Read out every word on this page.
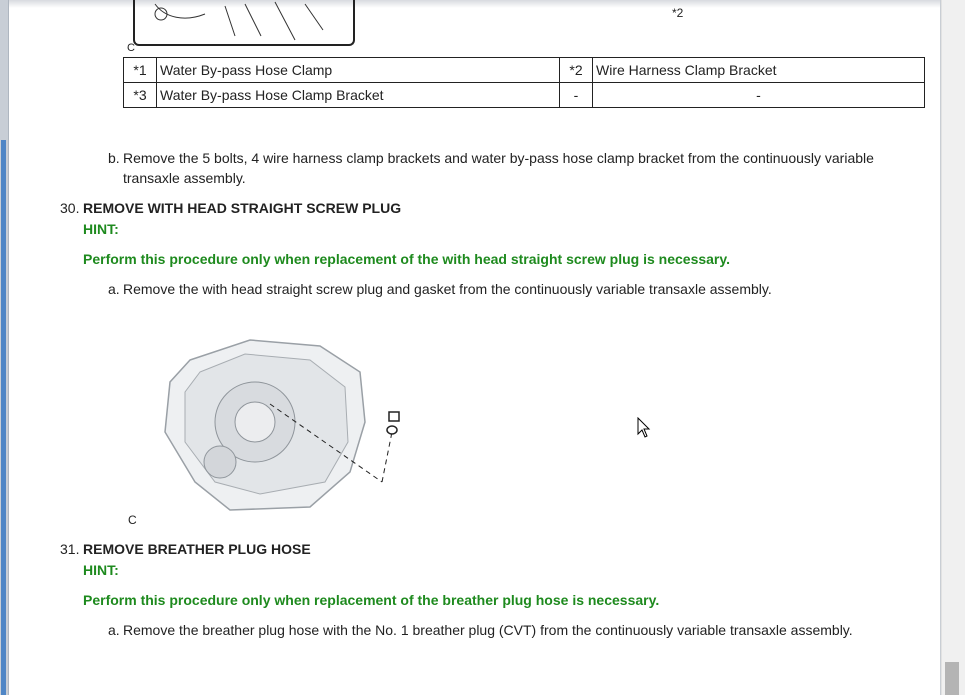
C
*2
*1	Water By-pass Hose Clamp	*2	Wire Harness Clamp Bracket
*3	Water By-pass Hose Clamp Bracket	-	-
b. Remove the 5 bolts, 4 wire harness clamp brackets and water by-pass hose clamp bracket from the continuously variable
transaxle assembly.
30. REMOVE WITH HEAD STRAIGHT SCREW PLUG
HINT:
Perform this procedure only when replacement of the with head straight screw plug is necessary.
a. Remove the with head straight screw plug and gasket from the continuously variable transaxle assembly.
C
31. REMOVE BREATHER PLUG HOSE
HINT:
Perform this procedure only when replacement of the breather plug hose is necessary.
a. Remove the breather plug hose with the No. 1 breather plug (CVT) from the continuously variable transaxle assembly.
